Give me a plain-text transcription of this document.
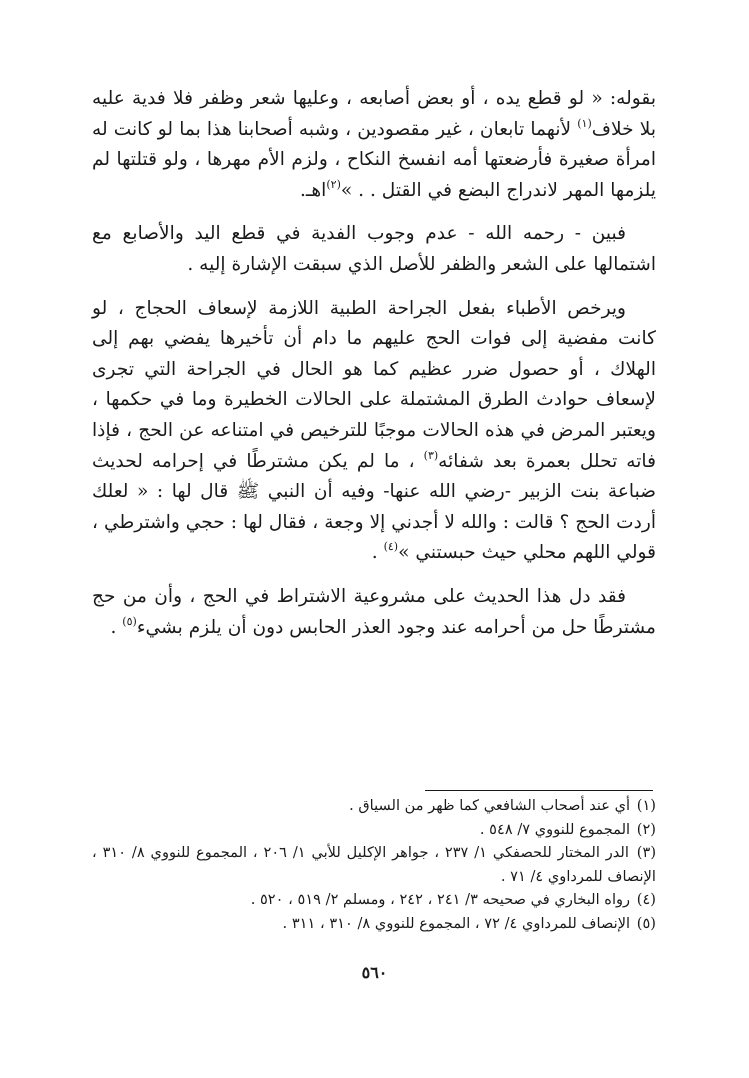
بقوله: « لو قطع يده ، أو بعض أصابعه ، وعليها شعر وظفر فلا فدية عليه بلا خلاف$^{(١)}$ لأنهما تابعان ، غير مقصودين ، وشبه أصحابنا هذا بما لو كانت له امرأة صغيرة فأرضعتها أمه انفسخ النكاح ، ولزم الأم مهرها ، ولو قتلتها لم يلزمها المهر لاندراج البضع في القتل . . »$^{(٢)}$اهـ.

فبين - رحمه الله - عدم وجوب الفدية في قطع اليد والأصابع مع اشتمالها على الشعر والظفر للأصل الذي سبقت الإشارة إليه .

ويرخص الأطباء بفعل الجراحة الطبية اللازمة لإسعاف الحجاج ، لو كانت مفضية إلى فوات الحج عليهم ما دام أن تأخيرها يفضي بهم إلى الهلاك ، أو حصول ضرر عظيم كما هو الحال في الجراحة التي تجرى لإسعاف حوادث الطرق المشتملة على الحالات الخطيرة وما في حكمها ، ويعتبر المرض في هذه الحالات موجبًا للترخيص في امتناعه عن الحج ، فإذا فاته تحلل بعمرة بعد شفائه$^{(٣)}$ ، ما لم يكن مشترطًا في إحرامه لحديث ضباعة بنت الزبير -رضي الله عنها- وفيه أن النبي ﷺ قال لها : « لعلك أردت الحج ؟ قالت : والله لا أجدني إلا وجعة ، فقال لها : حجي واشترطي ، قولي اللهم محلي حيث حبستني »$^{(٤)}$ .

فقد دل هذا الحديث على مشروعية الاشتراط في الحج ، وأن من حج مشترطًا حل من أحرامه عند وجود العذر الحابس دون أن يلزم بشيء$^{(٥)}$ .

(١) أي عند أصحاب الشافعي كما ظهر من السياق .
(٢) المجموع للنووي ٧/ ٥٤٨ .
(٣) الدر المختار للحصفكي ١/ ٢٣٧ ، جواهر الإكليل للأبي ١/ ٢٠٦ ، المجموع للنووي ٨/ ٣١٠ ، الإنصاف للمرداوي ٤/ ٧١ .
(٤) رواه البخاري في صحيحه ٣/ ٢٤١ ، ٢٤٢ ، ومسلم ٢/ ٥١٩ ، ٥٢٠ .
(٥) الإنصاف للمرداوي ٤/ ٧٢ ، المجموع للنووي ٨/ ٣١٠ ، ٣١١ .
٥٦٠
